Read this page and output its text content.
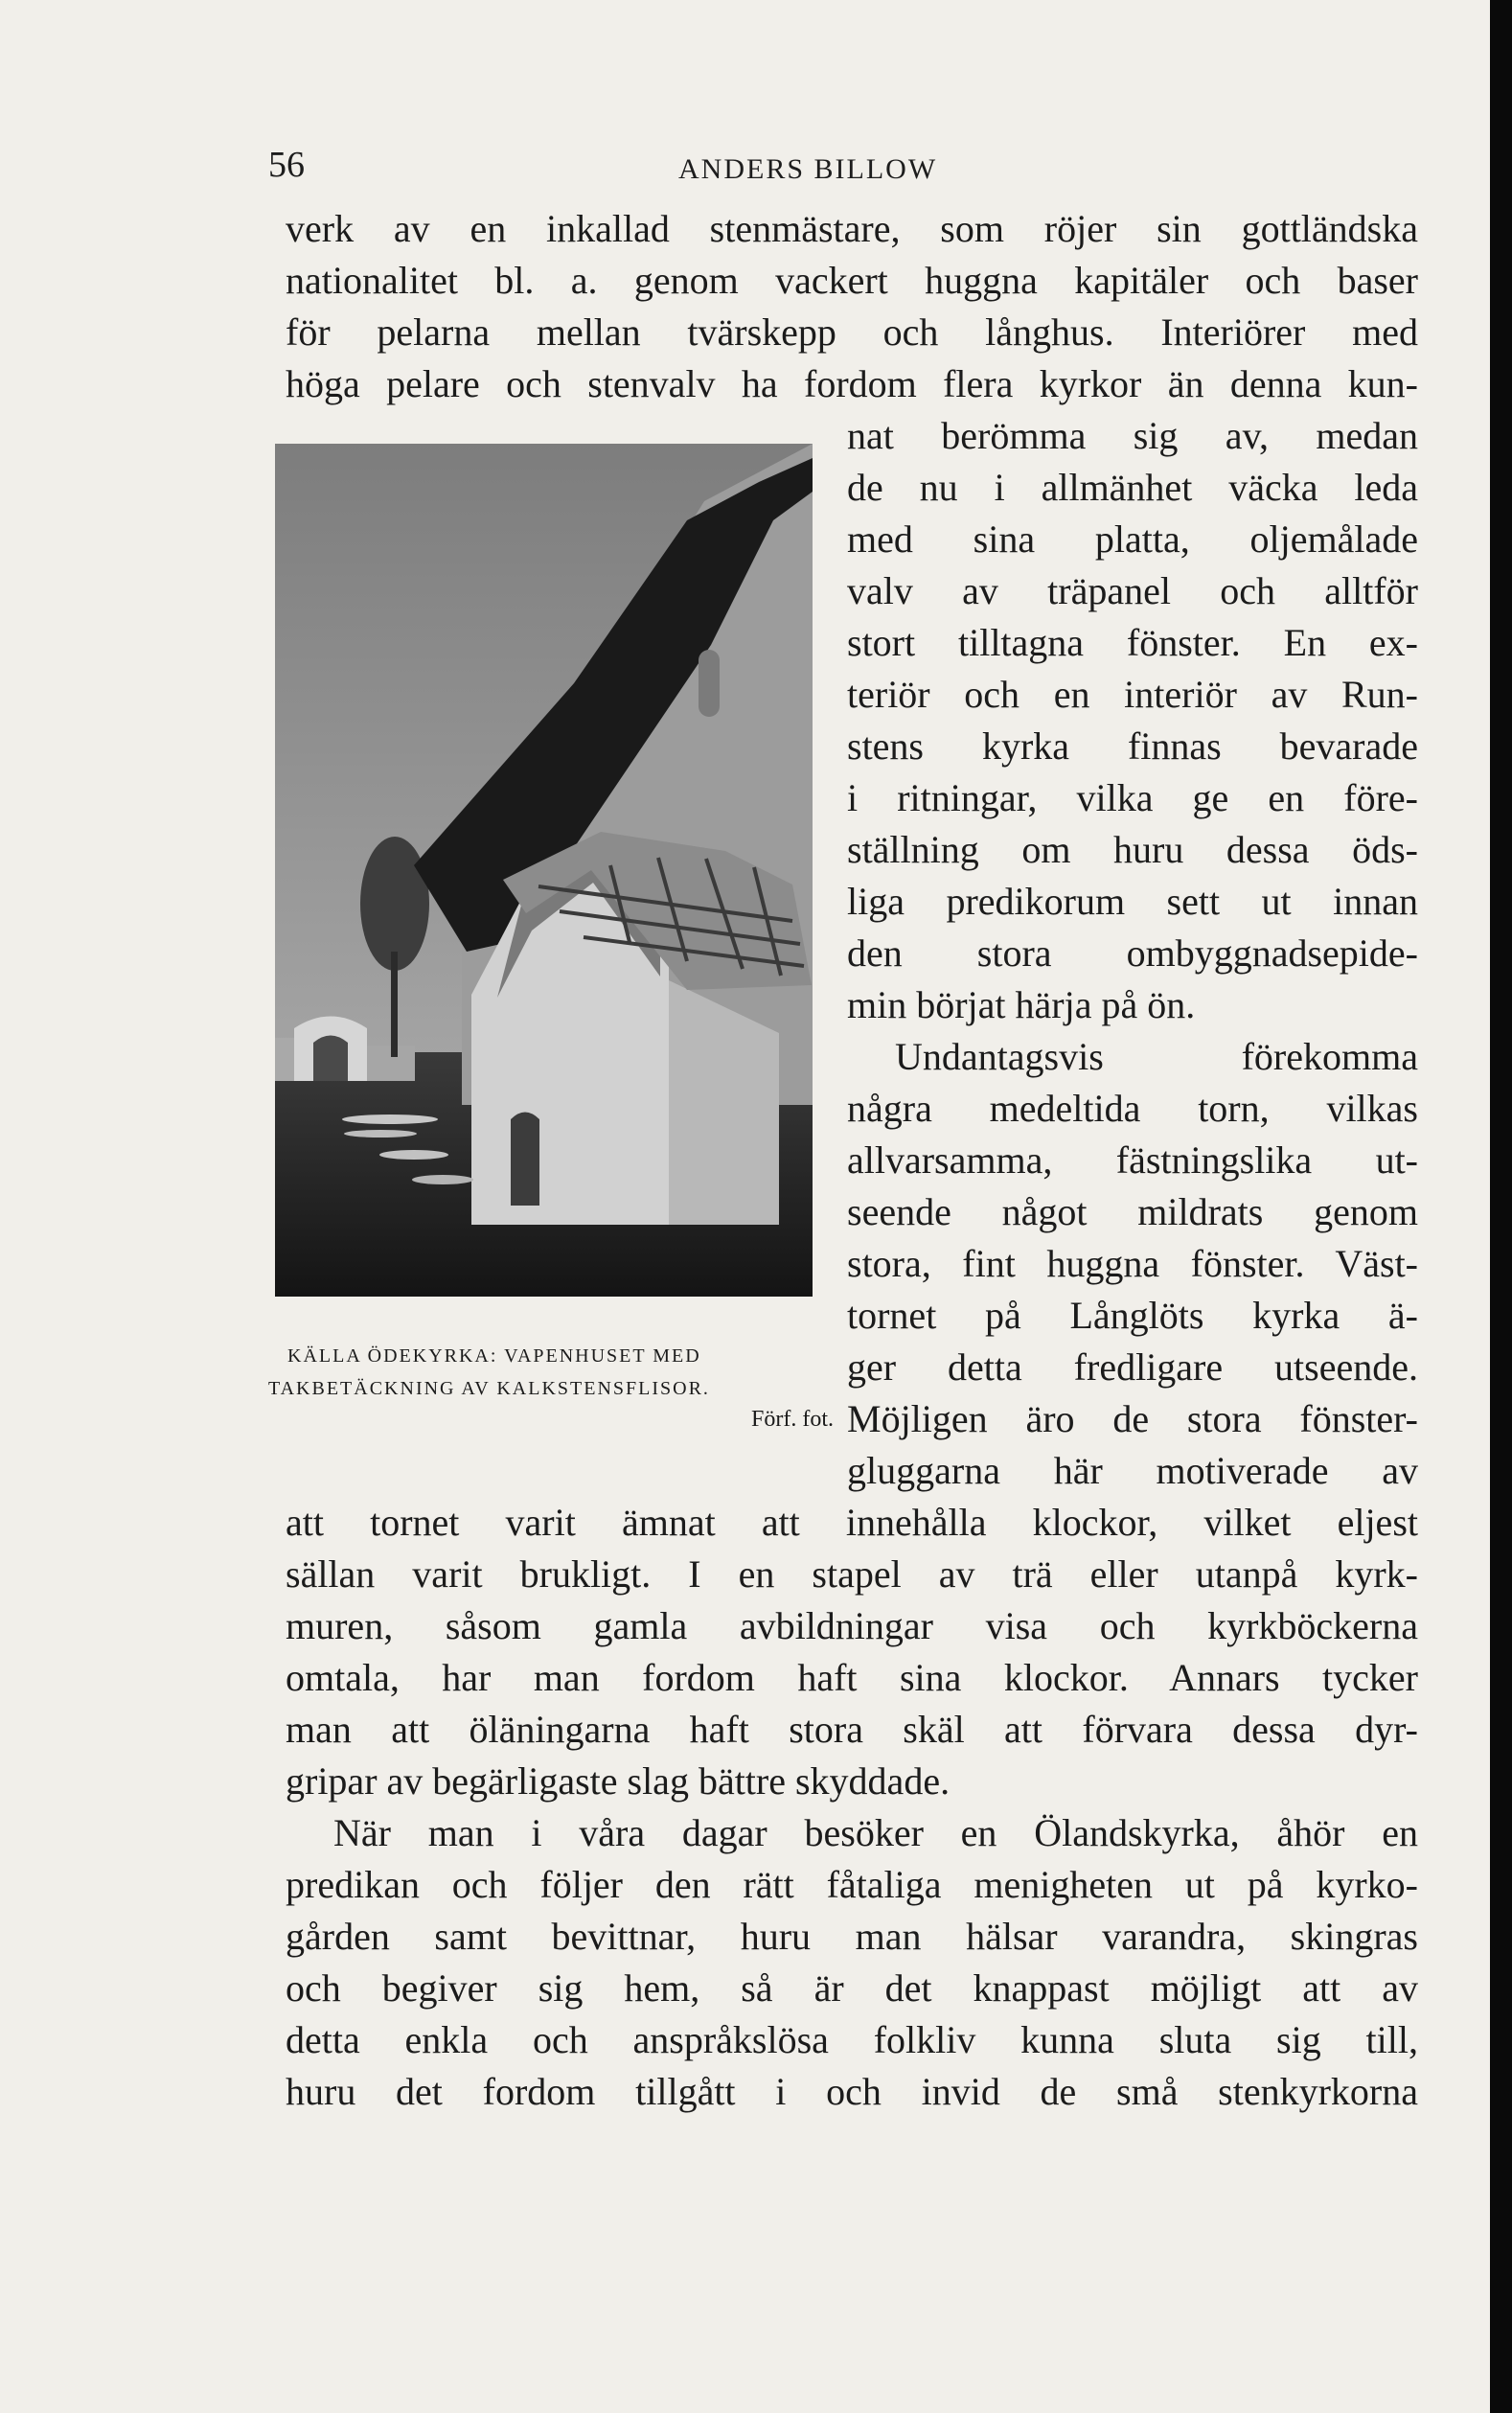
56	ANDERS BILLOW
verk av en inkallad stenmästare, som röjer sin gottländska
nationalitet bl. a. genom vackert huggna kapitäler och baser
för pelarna mellan tvärskepp och långhus. Interiörer med
höga pelare och stenvalv ha fordom flera kyrkor än denna kun-
nat berömma sig av, medan
de nu i allmänhet väcka leda
med sina platta, oljemålade
valv av träpanel och alltför
stort tilltagna fönster. En ex-
teriör och en interiör av Run-
stens kyrka finnas bevarade
i ritningar, vilka ge en före-
ställning om huru dessa öds-
liga predikorum sett ut innan
den stora ombyggnadsepide-
min börjat härja på ön.
Undantagsvis förekomma
några medeltida torn, vilkas
allvarsamma, fästningslika ut-
seende något mildrats genom
stora, fint huggna fönster. Väst-
tornet på Långlöts kyrka ä-
ger detta fredligare utseende.
Möjligen äro de stora fönster-
gluggarna här motiverade av
att tornet varit ämnat att innehålla klockor, vilket eljest
sällan varit brukligt. I en stapel av trä eller utanpå kyrk-
muren, såsom gamla avbildningar visa och kyrkböckerna
omtala, har man fordom haft sina klockor. Annars tycker
man att öläningarna haft stora skäl att förvara dessa dyr-
gripar av begärligaste slag bättre skyddade.
När man i våra dagar besöker en Ölandskyrka, åhör en
predikan och följer den rätt fåtaliga menigheten ut på kyrko-
gården samt bevittnar, huru man hälsar varandra, skingras
och begiver sig hem, så är det knappast möjligt att av
detta enkla och anspråkslösa folkliv kunna sluta sig till,
huru det fordom tillgått i och invid de små stenkyrkorna
KÄLLA ÖDEKYRKA: VAPENHUSET MED
TAKBETÄCKNING AV KALKSTENSFLISOR.
Förf. fot.
